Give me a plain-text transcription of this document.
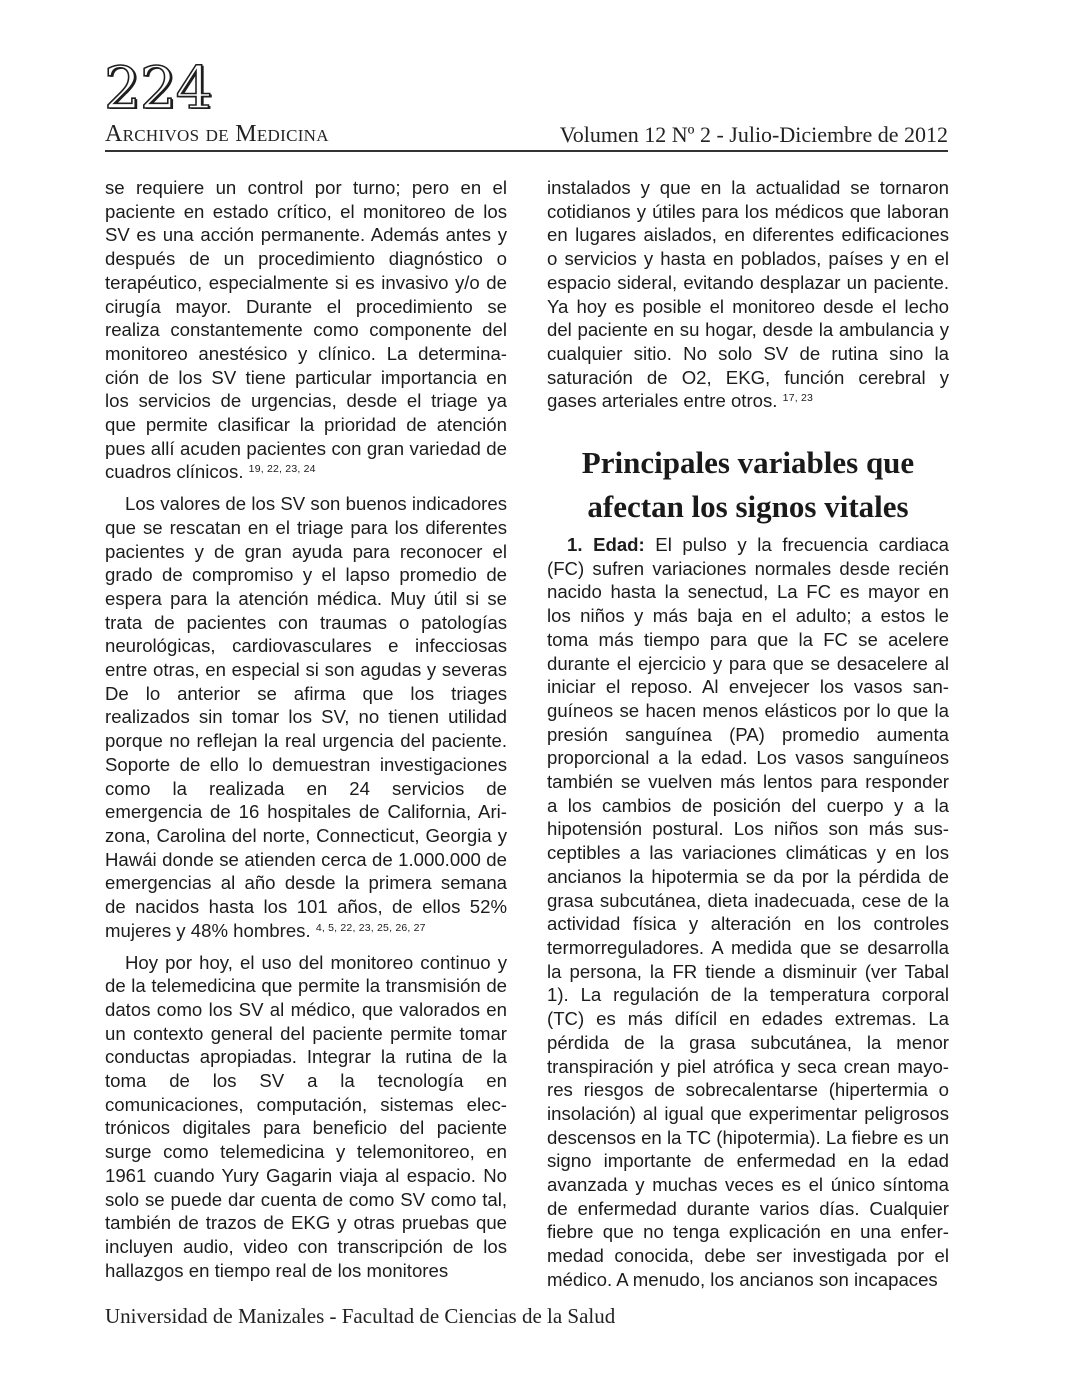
224
Archivos de Medicina	Volumen 12 Nº 2 - Julio-Diciembre de 2012

se requiere un control por turno; pero en el paciente en estado crítico, el monitoreo de los SV es una acción permanente. Además antes y después de un procedimiento diagnóstico o terapéutico, especialmente si es invasivo y/o de cirugía mayor. Durante el procedimiento se realiza constantemente como componente del monitoreo anestésico y clínico. La determinación de los SV tiene particular importancia en los servicios de urgencias, desde el triage ya que permite clasificar la prioridad de atención pues allí acuden pacientes con gran variedad de cuadros clínicos. $^{19, 22, 23, 24}$

Los valores de los SV son buenos indicadores que se rescatan en el triage para los diferentes pacientes y de gran ayuda para reconocer el grado de compromiso y el lapso promedio de espera para la atención médica. Muy útil si se trata de pacientes con traumas o patologías neurológicas, cardiovasculares e infecciosas entre otras, en especial si son agudas y severas De lo anterior se afirma que los triages realizados sin tomar los SV, no tienen utilidad porque no reflejan la real urgencia del paciente. Soporte de ello lo demuestran investigaciones como la realizada en 24 servicios de emergencia de 16 hospitales de California, Arizona, Carolina del norte, Connecticut, Georgia y Hawái donde se atienden cerca de 1.000.000 de emergencias al año desde la primera semana de nacidos hasta los 101 años, de ellos 52% mujeres y 48% hombres. $^{4, 5, 22, 23, 25, 26, 27}$

Hoy por hoy, el uso del monitoreo continuo y de la telemedicina que permite la transmisión de datos como los SV al médico, que valorados en un contexto general del paciente permite tomar conductas apropiadas. Integrar la rutina de la toma de los SV a la tecnología en comunicaciones, computación, sistemas electrónicos digitales para beneficio del paciente surge como telemedicina y telemonitoreo, en 1961 cuando Yury Gagarin viaja al espacio. No solo se puede dar cuenta de como SV como tal, también de trazos de EKG y otras pruebas que incluyen audio, video con transcripción de los hallazgos en tiempo real de los monitores

instalados y que en la actualidad se tornaron cotidianos y útiles para los médicos que laboran en lugares aislados, en diferentes edificaciones o servicios y hasta en poblados, países y en el espacio sideral, evitando desplazar un paciente. Ya hoy es posible el monitoreo desde el lecho del paciente en su hogar, desde la ambulancia y cualquier sitio. No solo SV de rutina sino la saturación de O2, EKG, función cerebral y gases arteriales entre otros. $^{17, 23}$

Principales variables que
afectan los signos vitales

1. Edad: El pulso y la frecuencia cardiaca (FC) sufren variaciones normales desde recién nacido hasta la senectud, La FC es mayor en los niños y más baja en el adulto; a estos le toma más tiempo para que la FC se acelere durante el ejercicio y para que se desacelere al iniciar el reposo. Al envejecer los vasos sanguíneos se hacen menos elásticos por lo que la presión sanguínea (PA) promedio aumenta proporcional a la edad. Los vasos sanguíneos también se vuelven más lentos para responder a los cambios de posición del cuerpo y a la hipotensión postural. Los niños son más susceptibles a las variaciones climáticas y en los ancianos la hipotermia se da por la pérdida de grasa subcutánea, dieta inadecuada, cese de la actividad física y alteración en los controles termorreguladores. A medida que se desarrolla la persona, la FR tiende a disminuir (ver Tabal 1). La regulación de la temperatura corporal (TC) es más difícil en edades extremas. La pérdida de la grasa subcutánea, la menor transpiración y piel atrófica y seca crean mayores riesgos de sobrecalentarse (hipertermia o insolación) al igual que experimentar peligrosos descensos en la TC (hipotermia). La fiebre es un signo importante de enfermedad en la edad avanzada y muchas veces es el único síntoma de enfermedad durante varios días. Cualquier fiebre que no tenga explicación en una enfermedad conocida, debe ser investigada por el médico. A menudo, los ancianos son incapaces

Universidad de Manizales - Facultad de Ciencias de la Salud
